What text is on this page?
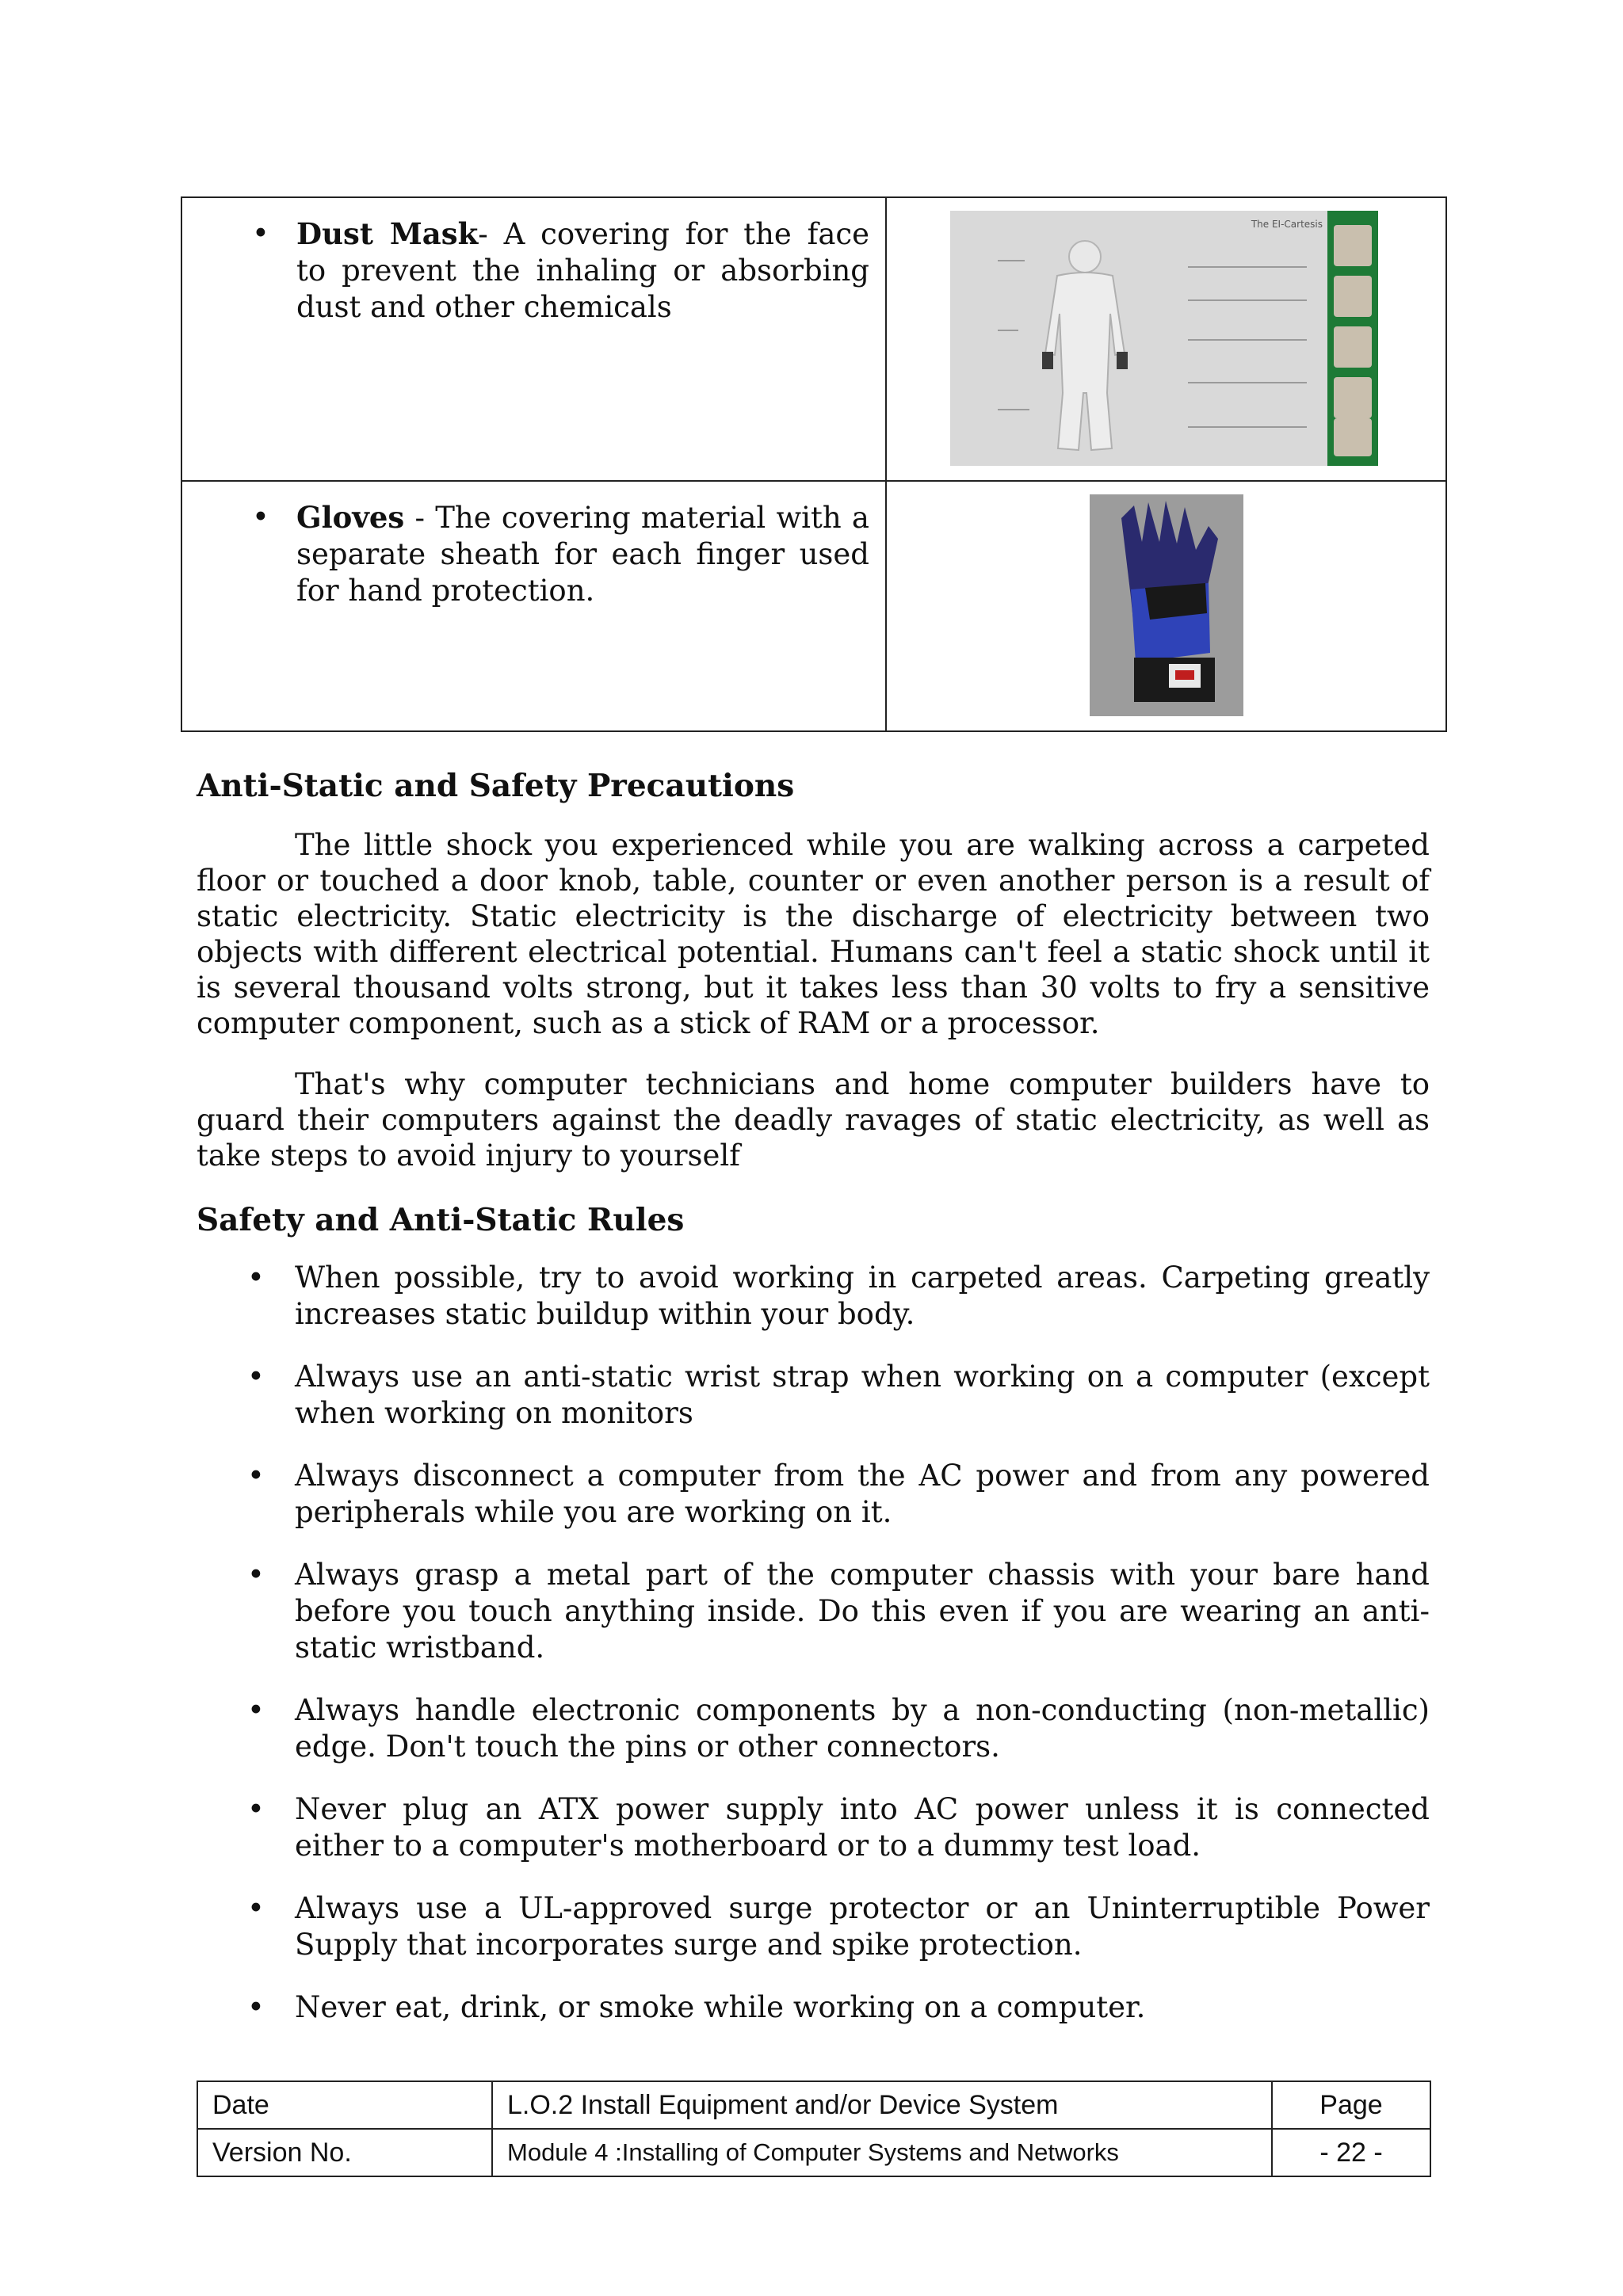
• Dust Mask- A covering for the face to prevent the inhaling or absorbing dust and other chemicals	The EI-Cartesis

• Gloves - The covering material with a separate sheath for each finger used for hand protection.

Anti-Static and Safety Precautions
The little shock you experienced while you are walking across a carpeted floor or touched a door knob, table, counter or even another person is a result of static electricity. Static electricity is the discharge of electricity between two objects with different electrical potential. Humans can't feel a static shock until it is several thousand volts strong, but it takes less than 30 volts to fry a sensitive computer component, such as a stick of RAM or a processor.
That's why computer technicians and home computer builders have to guard their computers against the deadly ravages of static electricity, as well as take steps to avoid injury to yourself
Safety and Anti-Static Rules
• When possible, try to avoid working in carpeted areas. Carpeting greatly increases static buildup within your body.
• Always use an anti-static wrist strap when working on a computer (except when working on monitors
• Always disconnect a computer from the AC power and from any powered peripherals while you are working on it.
• Always grasp a metal part of the computer chassis with your bare hand before you touch anything inside. Do this even if you are wearing an anti-static wristband.
• Always handle electronic components by a non-conducting (non-metallic) edge. Don't touch the pins or other connectors.
• Never plug an ATX power supply into AC power unless it is connected either to a computer's motherboard or to a dummy test load.
• Always use a UL-approved surge protector or an Uninterruptible Power Supply that incorporates surge and spike protection.
• Never eat, drink, or smoke while working on a computer.
Date	L.O.2 Install Equipment and/or Device System	Page
Version No.	Module 4 :Installing of Computer Systems and Networks	- 22 -
